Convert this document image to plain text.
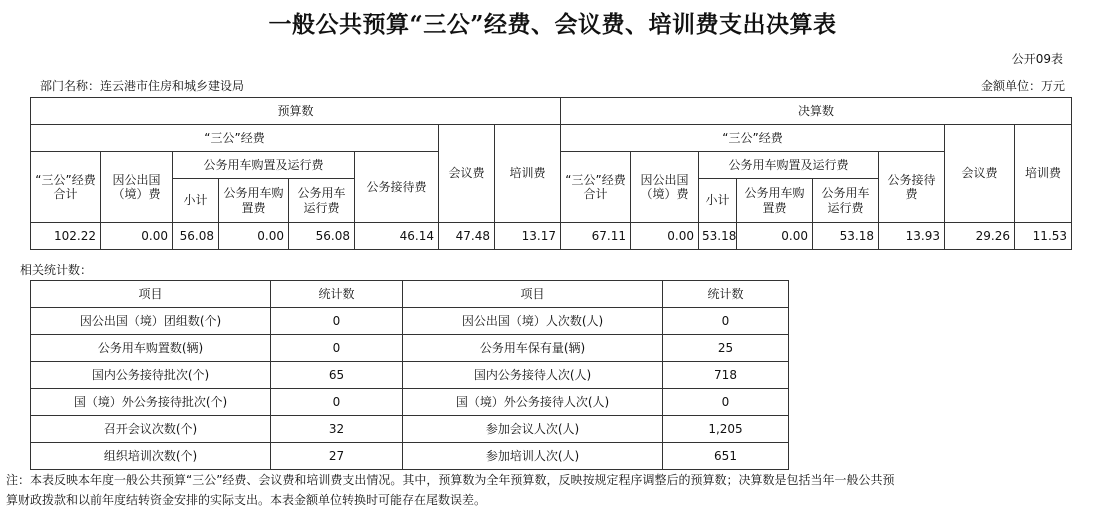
一般公共预算“三公”经费、会议费、培训费支出决算表
公开09表
部门名称：连云港市住房和城乡建设局	金额单位：万元
预算数								决算数							
“三公”经费						会议费	培训费	“三公”经费						会议费	培训费
“三公”经费合计	因公出国（境）费	公务用车购置及运行费			公务接待费			“三公”经费合计	因公出国（境）费	公务用车购置及运行费			公务接待费		
		小计	公务用车购置费	公务用车运行费						小计	公务用车购置费	公务用车运行费			
102.22	0.00	56.08	0.00	56.08	46.14	47.48	13.17	67.11	0.00	53.18	0.00	53.18	13.93	29.26	11.53
相关统计数：
项目	统计数	项目	统计数
因公出国（境）团组数(个)	0	因公出国（境）人次数(人)	0
公务用车购置数(辆)	0	公务用车保有量(辆)	25
国内公务接待批次(个)	65	国内公务接待人次(人)	718
国（境）外公务接待批次(个)	0	国（境）外公务接待人次(人)	0
召开会议次数(个)	32	参加会议人次(人)	1,205
组织培训次数(个)	27	参加培训人次(人)	651
注：本表反映本年度一般公共预算“三公”经费、会议费和培训费支出情况。其中，预算数为全年预算数，反映按规定程序调整后的预算数；决算数是包括当年一般公共预
算财政拨款和以前年度结转资金安排的实际支出。本表金额单位转换时可能存在尾数误差。
